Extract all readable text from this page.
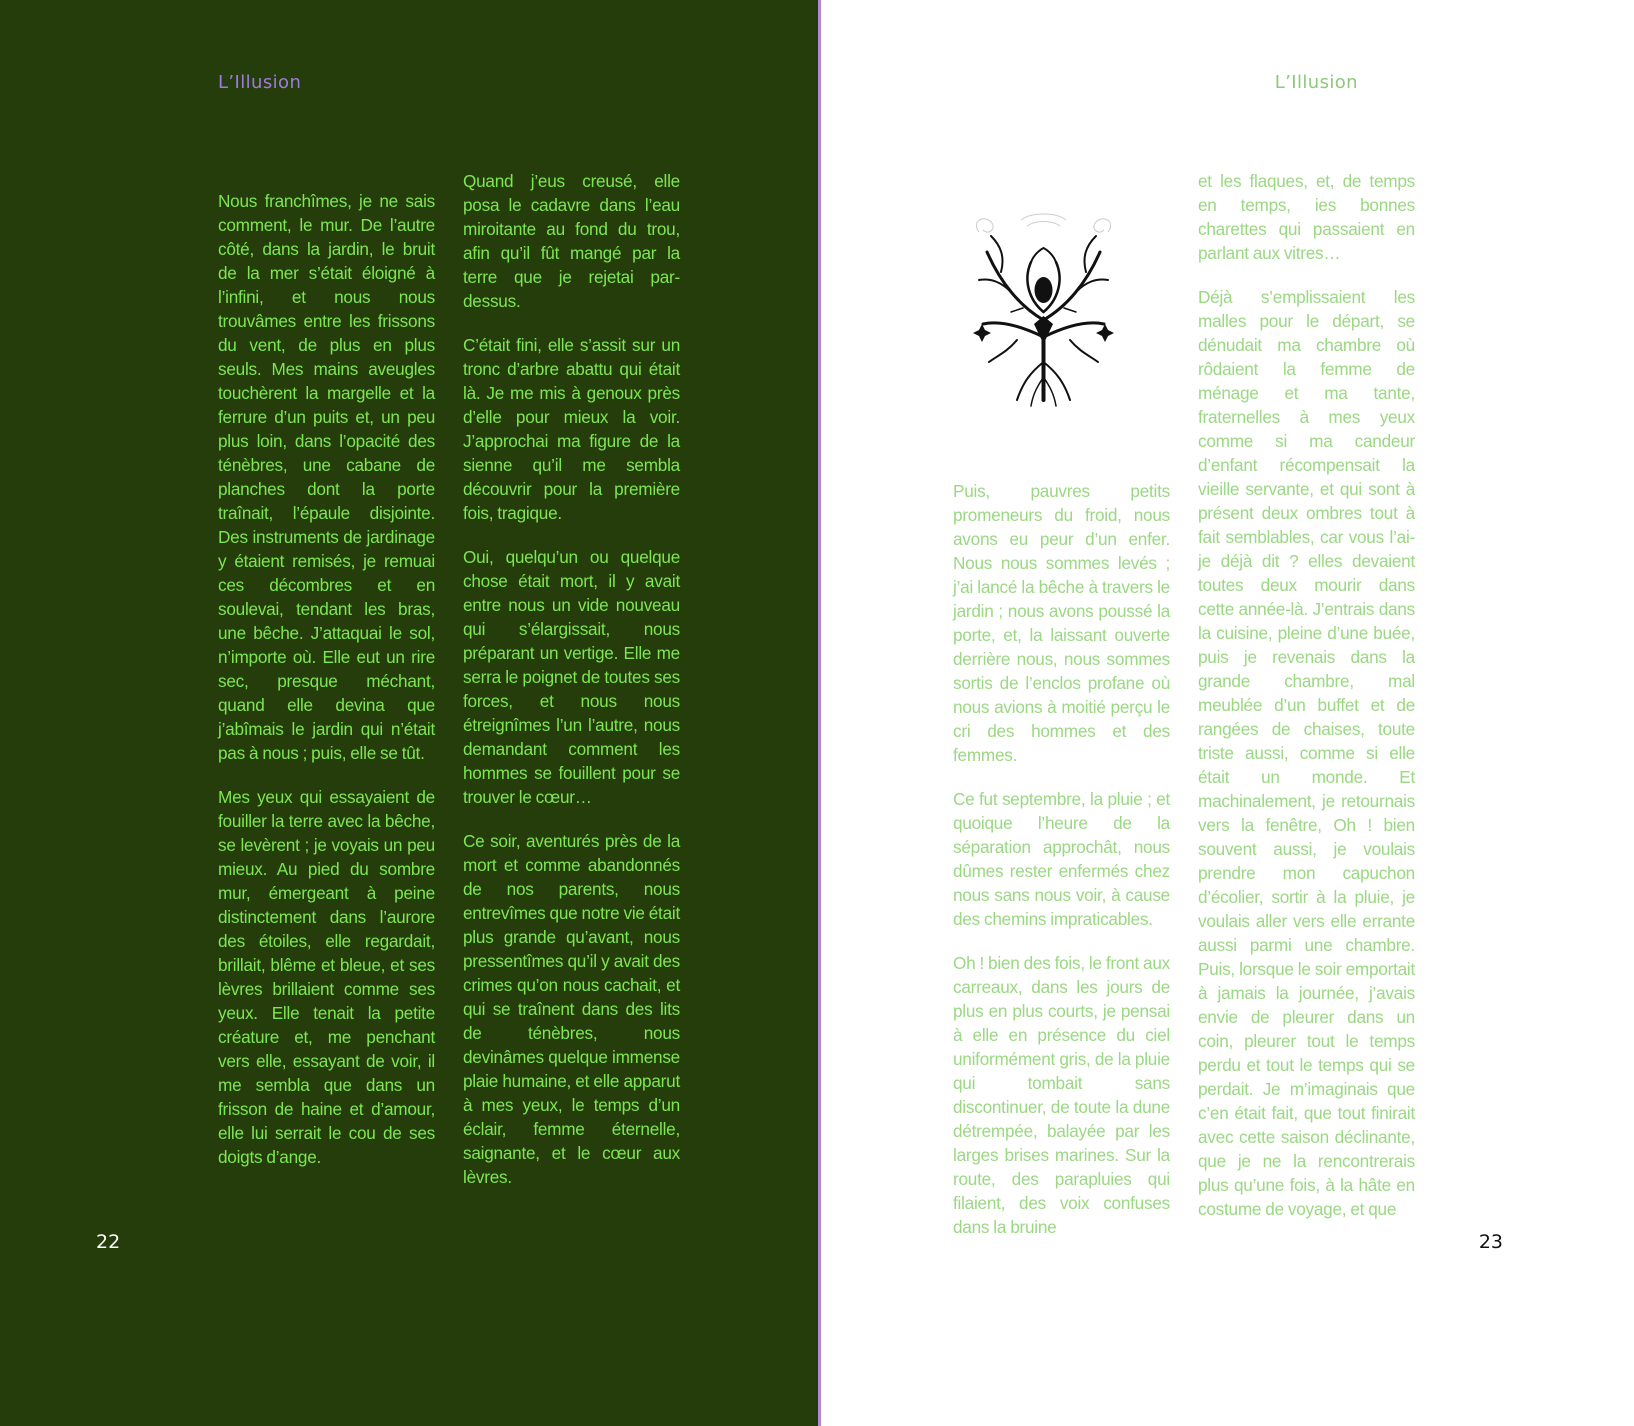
L’Illusion

Nous franchîmes, je ne sais comment, le mur. De l’autre côté, dans la jardin, le bruit de la mer s’était éloigné à l’infini, et nous nous trouvâmes entre les frissons du vent, de plus en plus seuls. Mes mains aveugles touchèrent la margelle et la ferrure d’un puits et, un peu plus loin, dans l’opacité des ténèbres, une cabane de planches dont la porte traînait, l’épaule disjointe. Des instruments de jardinage y étaient remisés, je remuai ces décombres et en soulevai, tendant les bras, une bêche. J’attaquai le sol, n’importe où. Elle eut un rire sec, presque méchant, quand elle devina que j’abîmais le jardin qui n’était pas à nous ; puis, elle se tût.

Mes yeux qui essayaient de fouiller la terre avec la bêche, se levèrent ; je voyais un peu mieux. Au pied du sombre mur, émergeant à peine distinctement dans l’aurore des étoiles, elle regardait, brillait, blême et bleue, et ses lèvres brillaient comme ses yeux. Elle tenait la petite créature et, me penchant vers elle, essayant de voir, il me sembla que dans un frisson de haine et d’amour, elle lui serrait le cou de ses doigts d’ange.

Quand j’eus creusé, elle posa le cadavre dans l’eau miroitante au fond du trou, afin qu’il fût mangé par la terre que je rejetai par-dessus.

C’était fini, elle s’assit sur un tronc d’arbre abattu qui était là. Je me mis à genoux près d’elle pour mieux la voir. J’approchai ma figure de la sienne qu’il me sembla découvrir pour la première fois, tragique.

Oui, quelqu’un ou quelque chose était mort, il y avait entre nous un vide nouveau qui s’élargissait, nous préparant un vertige. Elle me serra le poignet de toutes ses forces, et nous nous étreignîmes l’un l’autre, nous demandant comment les hommes se fouillent pour se trouver le cœur…

Ce soir, aventurés près de la mort et comme abandonnés de nos parents, nous entrevîmes que notre vie était plus grande qu’avant, nous pressentîmes qu’il y avait des crimes qu’on nous cachait, et qui se traînent dans des lits de ténèbres, nous devinâmes quelque immense plaie humaine, et elle apparut à mes yeux, le temps d’un éclair, femme éternelle, saignante, et le cœur aux lèvres.

22

L’Illusion

Puis, pauvres petits promeneurs du froid, nous avons eu peur d’un enfer. Nous nous sommes levés ; j’ai lancé la bêche à travers le jardin ; nous avons poussé la porte, et, la laissant ouverte derrière nous, nous sommes sortis de l’enclos profane où nous avions à moitié perçu le cri des hommes et des femmes.

Ce fut septembre, la pluie ; et quoique l’heure de la séparation approchât, nous dûmes rester enfermés chez nous sans nous voir, à cause des chemins impraticables.

Oh ! bien des fois, le front aux carreaux, dans les jours de plus en plus courts, je pensai à elle en présence du ciel uniformément gris, de la pluie qui tombait sans discontinuer, de toute la dune détrempée, balayée par les larges brises marines. Sur la route, des parapluies qui filaient, des voix confuses dans la bruine

et les flaques, et, de temps en temps, ies bonnes charettes qui passaient en parlant aux vitres…

Déjà s’emplissaient les malles pour le départ, se dénudait ma chambre où rôdaient la femme de ménage et ma tante, fraternelles à mes yeux comme si ma candeur d’enfant récompensait la vieille servante, et qui sont à présent deux ombres tout à fait semblables, car vous l’ai-je déjà dit ? elles devaient toutes deux mourir dans cette année-là. J’entrais dans la cuisine, pleine d’une buée, puis je revenais dans la grande chambre, mal meublée d’un buffet et de rangées de chaises, toute triste aussi, comme si elle était un monde. Et machinalement, je retournais vers la fenêtre, Oh ! bien souvent aussi, je voulais prendre mon capuchon d’écolier, sortir à la pluie, je voulais aller vers elle errante aussi parmi une chambre. Puis, lorsque le soir emportait à jamais la journée, j’avais envie de pleurer dans un coin, pleurer tout le temps perdu et tout le temps qui se perdait. Je m’imaginais que c’en était fait, que tout finirait avec cette saison déclinante, que je ne la rencontrerais plus qu’une fois, à la hâte en costume de voyage, et que

23
